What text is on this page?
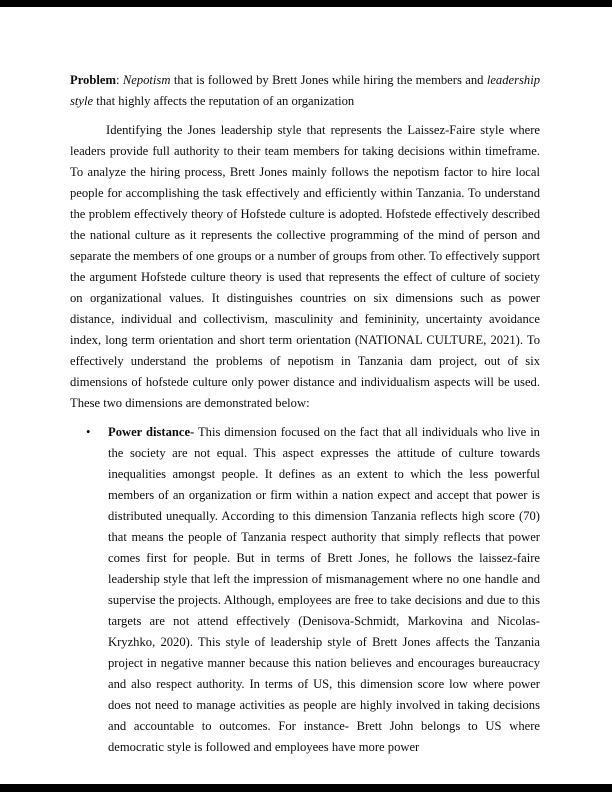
Problem: Nepotism that is followed by Brett Jones while hiring the members and leadership style that highly affects the reputation of an organization

Identifying the Jones leadership style that represents the Laissez-Faire style where leaders provide full authority to their team members for taking decisions within timeframe. To analyze the hiring process, Brett Jones mainly follows the nepotism factor to hire local people for accomplishing the task effectively and efficiently within Tanzania. To understand the problem effectively theory of Hofstede culture is adopted. Hofstede effectively described the national culture as it represents the collective programming of the mind of person and separate the members of one groups or a number of groups from other. To effectively support the argument Hofstede culture theory is used that represents the effect of culture of society on organizational values. It distinguishes countries on six dimensions such as power distance, individual and collectivism, masculinity and femininity, uncertainty avoidance index, long term orientation and short term orientation (NATIONAL CULTURE, 2021). To effectively understand the problems of nepotism in Tanzania dam project, out of six dimensions of hofstede culture only power distance and individualism aspects will be used. These two dimensions are demonstrated below:

• Power distance- This dimension focused on the fact that all individuals who live in the society are not equal. This aspect expresses the attitude of culture towards inequalities amongst people. It defines as an extent to which the less powerful members of an organization or firm within a nation expect and accept that power is distributed unequally. According to this dimension Tanzania reflects high score (70) that means the people of Tanzania respect authority that simply reflects that power comes first for people. But in terms of Brett Jones, he follows the laissez-faire leadership style that left the impression of mismanagement where no one handle and supervise the projects. Although, employees are free to take decisions and due to this targets are not attend effectively (Denisova-Schmidt, Markovina and Nicolas-Kryzhko, 2020). This style of leadership style of Brett Jones affects the Tanzania project in negative manner because this nation believes and encourages bureaucracy and also respect authority. In terms of US, this dimension score low where power does not need to manage activities as people are highly involved in taking decisions and accountable to outcomes. For instance- Brett John belongs to US where democratic style is followed and employees have more power
